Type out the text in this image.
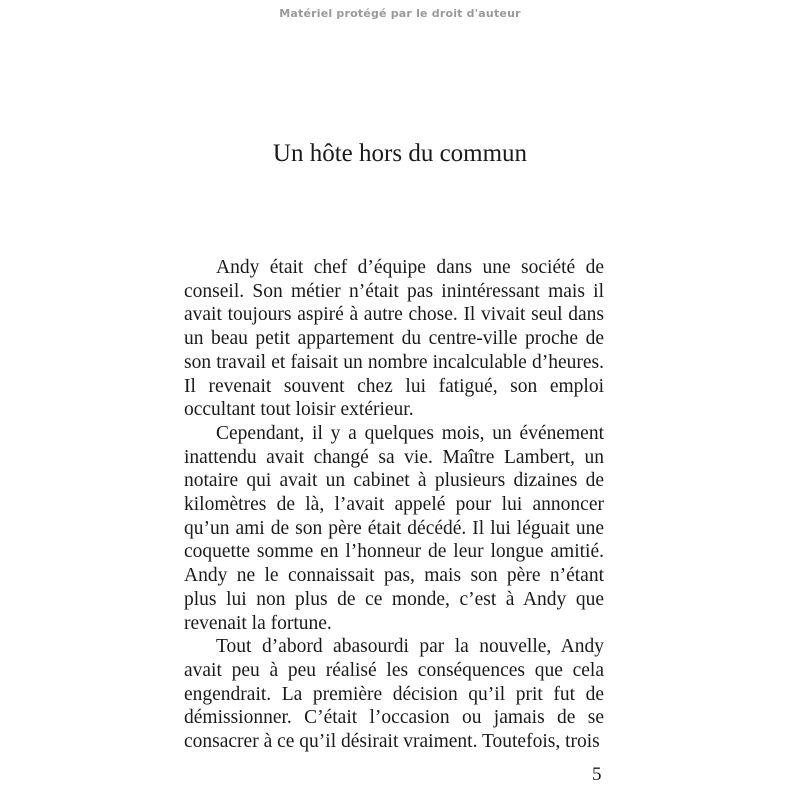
Matériel protégé par le droit d'auteur
Un hôte hors du commun

Andy était chef d’équipe dans une société de conseil. Son métier n’était pas inintéressant mais il avait toujours aspiré à autre chose. Il vivait seul dans un beau petit appartement du centre-ville proche de son travail et faisait un nombre incalculable d’heures. Il revenait souvent chez lui fatigué, son emploi occultant tout loisir extérieur.

Cependant, il y a quelques mois, un événement inattendu avait changé sa vie. Maître Lambert, un notaire qui avait un cabinet à plusieurs dizaines de kilomètres de là, l’avait appelé pour lui annoncer qu’un ami de son père était décédé. Il lui léguait une coquette somme en l’honneur de leur longue amitié. Andy ne le connaissait pas, mais son père n’étant plus lui non plus de ce monde, c’est à Andy que revenait la fortune.

Tout d’abord abasourdi par la nouvelle, Andy avait peu à peu réalisé les conséquences que cela engendrait. La première décision qu’il prit fut de démissionner. C’était l’occasion ou jamais de se consacrer à ce qu’il désirait vraiment. Toutefois, trois

5
